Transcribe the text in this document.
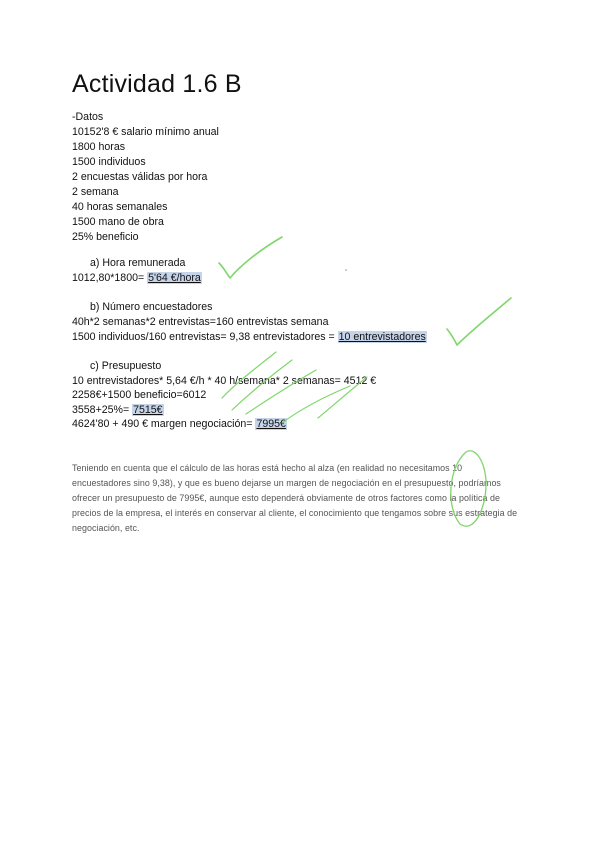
Actividad 1.6 B
-Datos
10152'8 € salario mínimo anual
1800 horas
1500 individuos
2 encuestas válidas por hora
2 semana
40 horas semanales
1500 mano de obra
25% beneficio
a) Hora remunerada
1012,80*1800= 5'64 €/hora
b) Número encuestadores
40h*2 semanas*2 entrevistas=160 entrevistas semana
1500 individuos/160 entrevistas= 9,38 entrevistadores = 10 entrevistadores
c) Presupuesto
10 entrevistadores* 5,64 €/h * 40 h/semana* 2 semanas= 4512 €
2258€+1500 beneficio=6012
3558+25%= 7515€
4624'80 + 490 € margen negociación= 7995€
Teniendo en cuenta que el cálculo de las horas está hecho al alza (en realidad no necesitamos 10 encuestadores sino 9,38), y que es bueno dejarse un margen de negociación en el presupuesto, podríamos ofrecer un presupuesto de 7995€, aunque esto dependerá obviamente de otros factores como la política de precios de la empresa, el interés en conservar al cliente, el conocimiento que tengamos sobre sus estrategia de negociación, etc.
